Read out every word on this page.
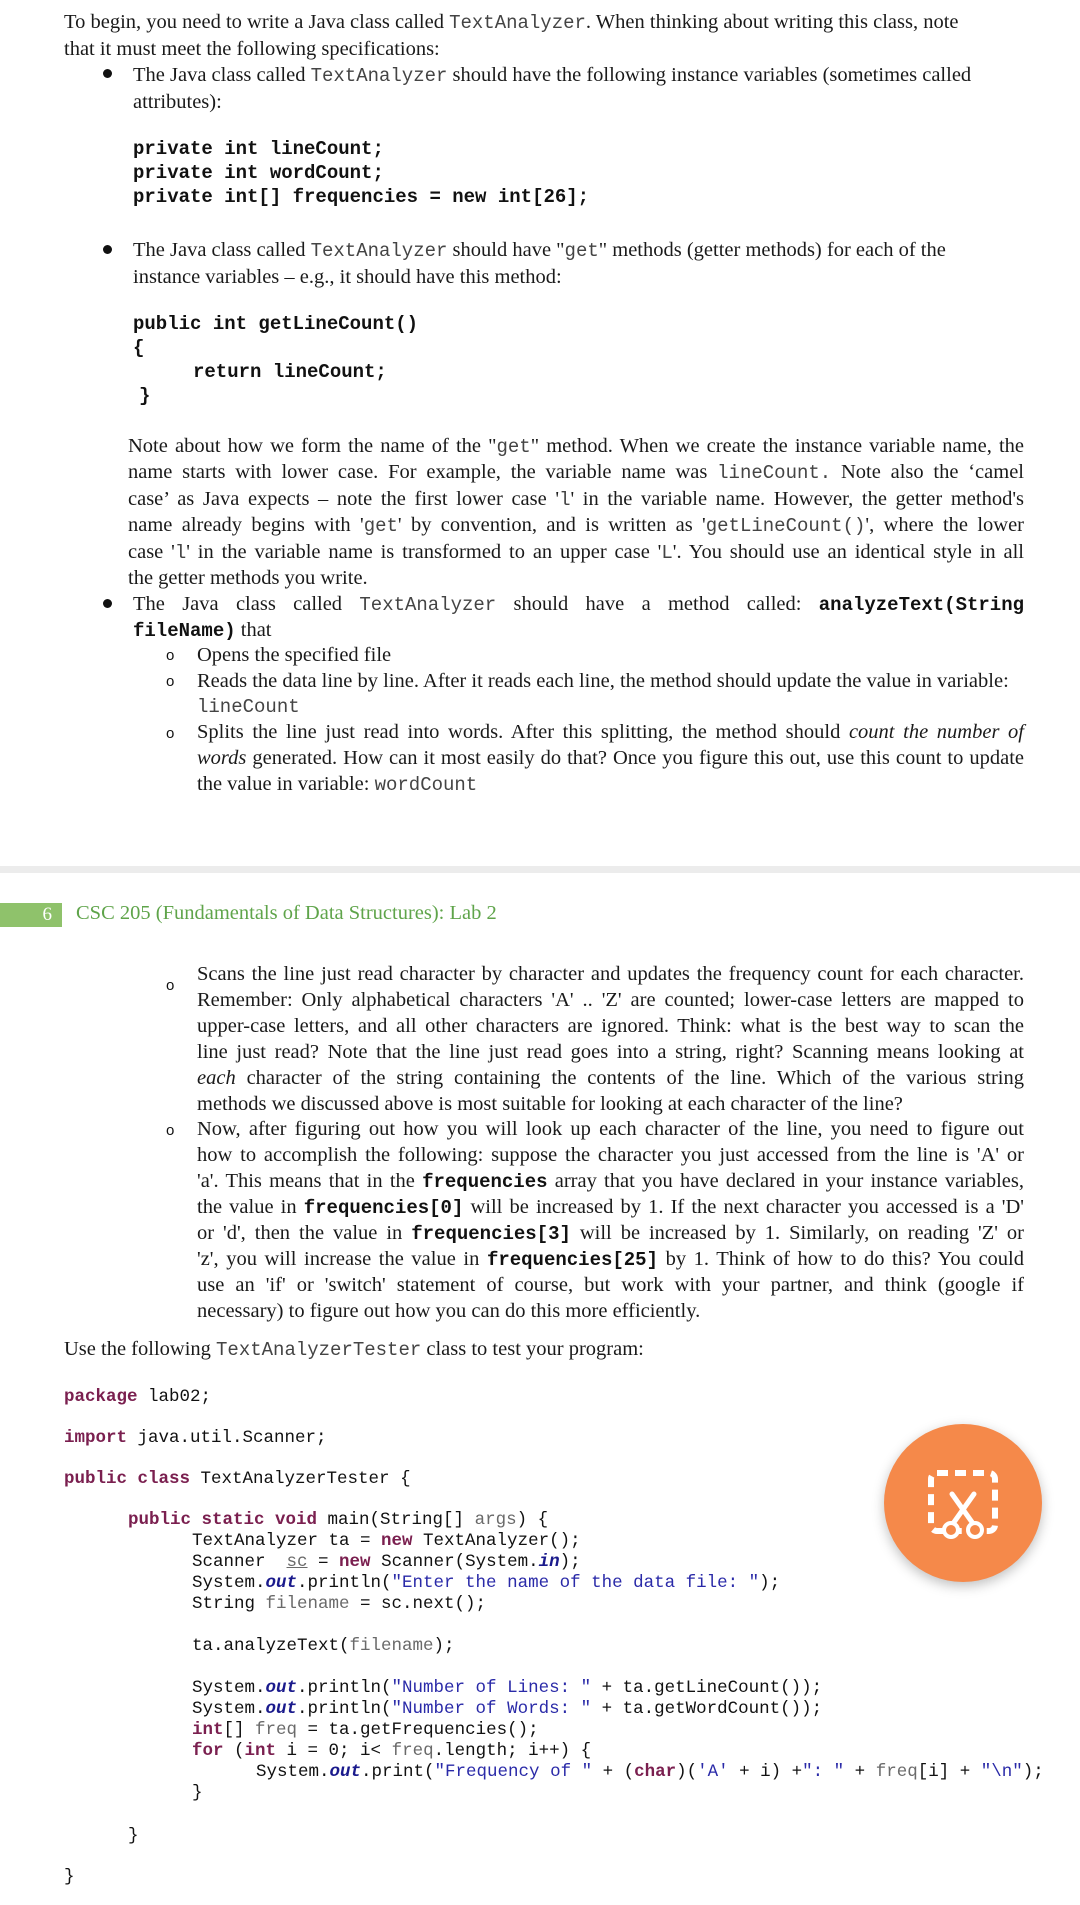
To begin, you need to write a Java class called TextAnalyzer. When thinking about writing this class, note
that it must meet the following specifications:
The Java class called TextAnalyzer should have the following instance variables (sometimes called
attributes):
private int lineCount;
private int wordCount;
private int[] frequencies = new int[26];
The Java class called TextAnalyzer should have "get" methods (getter methods) for each of the
instance variables – e.g., it should have this method:
public int getLineCount()
{
return lineCount;
}
Note about how we form the name of the "get" method. When we create the instance variable name, the
name starts with lower case. For example, the variable name was lineCount. Note also the ‘camel
case’ as Java expects – note the first lower case 'l' in the variable name. However, the getter method's
name already begins with 'get' by convention, and is written as 'getLineCount()', where the lower
case 'l' in the variable name is transformed to an upper case 'L'. You should use an identical style in all
the getter methods you write.
The Java class called TextAnalyzer should have a method called: analyzeText(String
fileName) that
o Opens the specified file
o Reads the data line by line. After it reads each line, the method should update the value in variable:
lineCount
o Splits the line just read into words. After this splitting, the method should count the number of
words generated. How can it most easily do that? Once you figure this out, use this count to update
the value in variable: wordCount
6	CSC 205 (Fundamentals of Data Structures): Lab 2
o
Scans the line just read character by character and updates the frequency count for each character.
Remember: Only alphabetical characters 'A' .. 'Z' are counted; lower-case letters are mapped to
upper-case letters, and all other characters are ignored. Think: what is the best way to scan the
line just read? Note that the line just read goes into a string, right? Scanning means looking at
each character of the string containing the contents of the line. Which of the various string
methods we discussed above is most suitable for looking at each character of the line?
o Now, after figuring out how you will look up each character of the line, you need to figure out
how to accomplish the following: suppose the character you just accessed from the line is 'A' or
'a'. This means that in the frequencies array that you have declared in your instance variables,
the value in frequencies[0] will be increased by 1. If the next character you accessed is a 'D'
or 'd', then the value in frequencies[3] will be increased by 1. Similarly, on reading 'Z' or
'z', you will increase the value in frequencies[25] by 1. Think of how to do this? You could
use an 'if' or 'switch' statement of course, but work with your partner, and think (google if
necessary) to figure out how you can do this more efficiently.
Use the following TextAnalyzerTester class to test your program:
package lab02;
import java.util.Scanner;
public class TextAnalyzerTester {
public static void main(String[] args) {
TextAnalyzer ta = new TextAnalyzer();
Scanner  sc = new Scanner(System.in);
System.out.println("Enter the name of the data file: ");
String filename = sc.next();
ta.analyzeText(filename);
System.out.println("Number of Lines: " + ta.getLineCount());
System.out.println("Number of Words: " + ta.getWordCount());
int[] freq = ta.getFrequencies();
for (int i = 0; i< freq.length; i++) {
System.out.print("Frequency of " + (char)('A' + i) +": " + freq[i] + "\n");
}
}
}
